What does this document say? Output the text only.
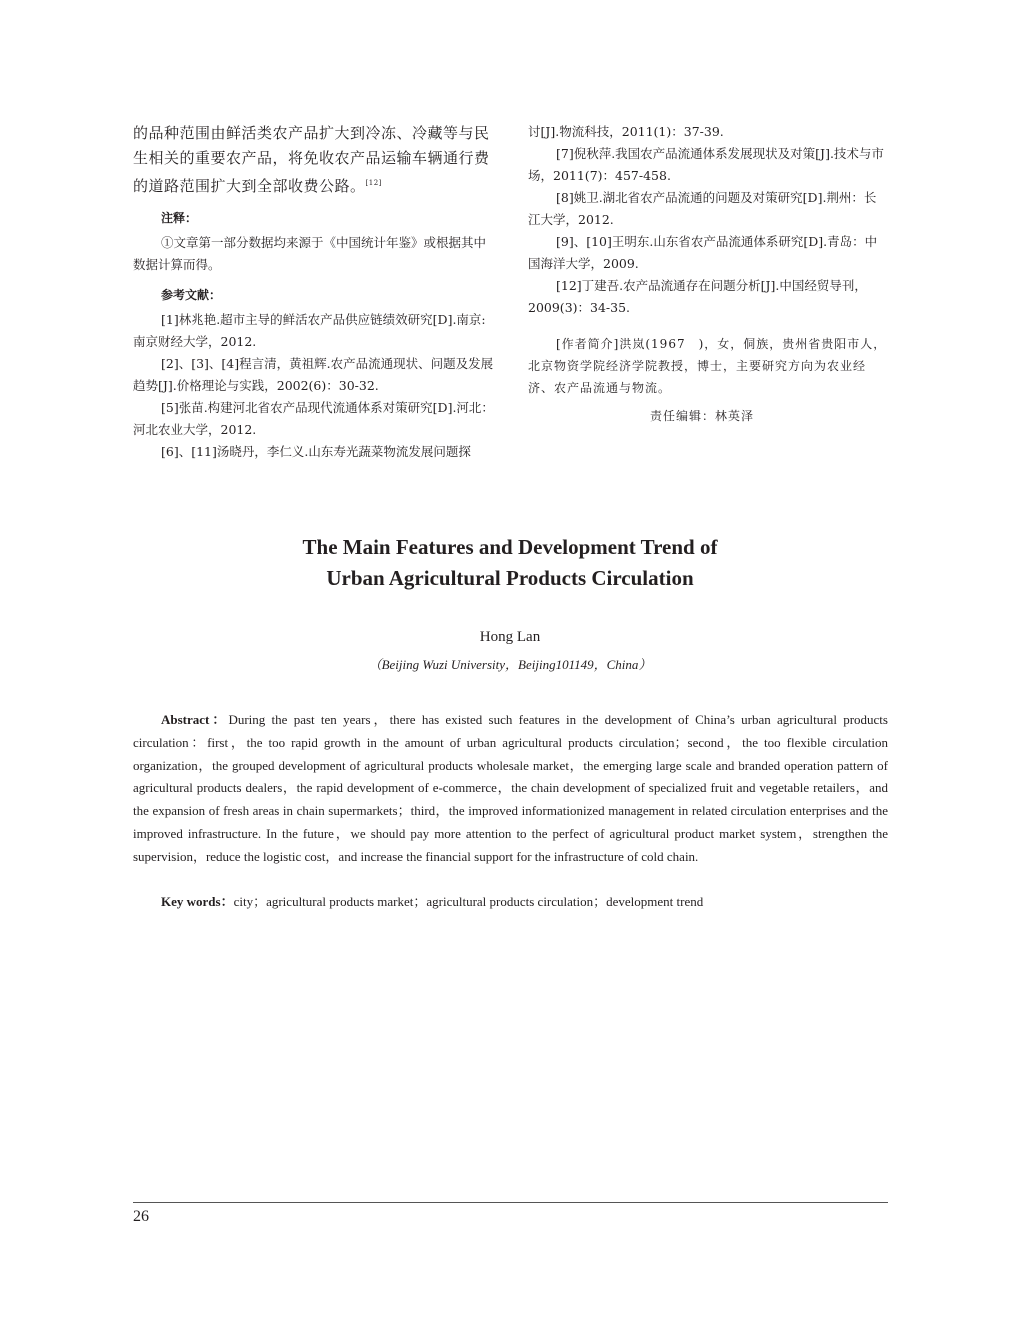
的品种范围由鲜活类农产品扩大到冷冻、冷藏等与民生相关的重要农产品，将免收农产品运输车辆通行费的道路范围扩大到全部收费公路。[12]

注释：

①文章第一部分数据均来源于《中国统计年鉴》或根据其中数据计算而得。

参考文献：

[1]林兆艳.超市主导的鲜活农产品供应链绩效研究[D].南京:南京财经大学，2012.

[2]、[3]、[4]程言清，黄祖辉.农产品流通现状、问题及发展趋势[J].价格理论与实践，2002(6)：30-32.

[5]张苗.构建河北省农产品现代流通体系对策研究[D].河北：河北农业大学，2012.

[6]、[11]汤晓丹，李仁义.山东寿光蔬菜物流发展问题探

讨[J].物流科技，2011(1)：37-39.

[7]倪秋萍.我国农产品流通体系发展现状及对策[J].技术与市场，2011(7)：457-458.

[8]姚卫.湖北省农产品流通的问题及对策研究[D].荆州：长江大学，2012.

[9]、[10]王明东.山东省农产品流通体系研究[D].青岛：中国海洋大学，2009.

[12]丁建吾.农产品流通存在问题分析[J].中国经贸导刊，2009(3)：34-35.

[作者简介]洪岚(1967　)，女，侗族，贵州省贵阳市人，北京物资学院经济学院教授，博士，主要研究方向为农业经济、农产品流通与物流。

责任编辑：林英泽

The Main Features and Development Trend of
Urban Agricultural Products Circulation

Hong Lan

（Beijing Wuzi University，Beijing101149，China）

Abstract：During the past ten years，there has existed such features in the development of China’s urban agricultural products circulation：first，the too rapid growth in the amount of urban agricultural products circulation；second，the too flexible circulation organization，the grouped development of agricultural products wholesale market，the emerging large scale and branded operation pattern of agricultural products dealers，the rapid development of e-commerce，the chain development of specialized fruit and vegetable retailers，and the expansion of fresh areas in chain supermarkets；third，the improved informationized management in related circulation enterprises and the improved infrastructure. In the future，we should pay more attention to the perfect of agricultural product market system，strengthen the supervision，reduce the logistic cost，and increase the financial support for the infrastructure of cold chain.

Key words：city；agricultural products market；agricultural products circulation；development trend

26
